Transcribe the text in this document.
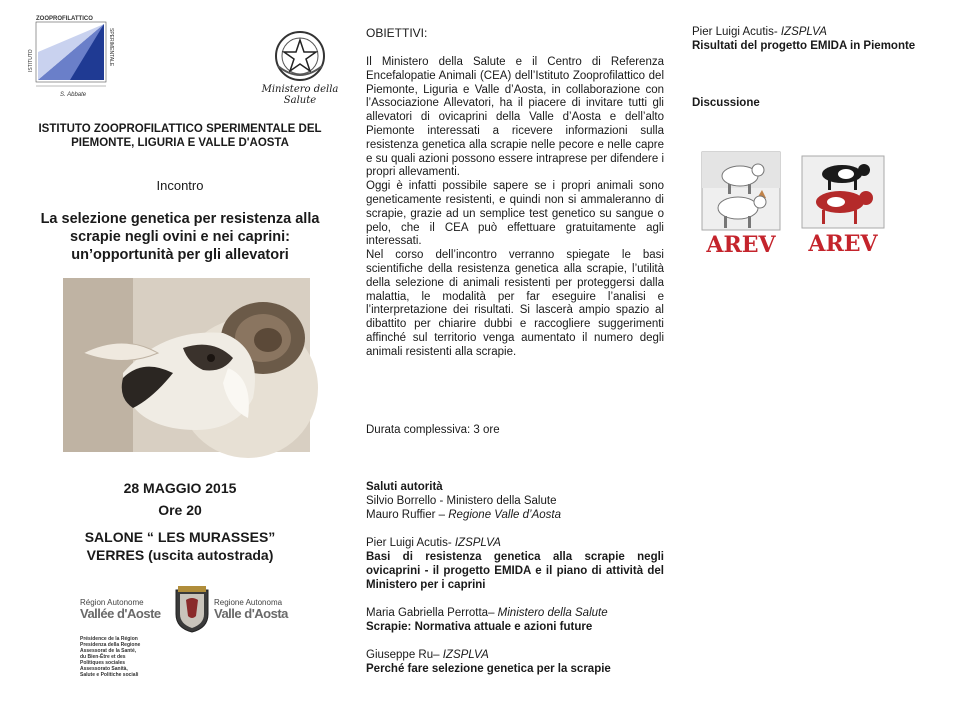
ZOOPROFILATTICO
ISTITUTO	SPERIMENTALE
S. Abbate	Ministero della Salute
ISTITUTO ZOOPROFILATTICO SPERIMENTALE DEL PIEMONTE, LIGURIA E VALLE D'AOSTA
Incontro
La selezione genetica per resistenza alla
scrapie negli ovini e nei caprini:
un’opportunità per gli allevatori
28 MAGGIO 2015
Ore 20
SALONE “ LES MURASSES”
VERRES (uscita autostrada)
Région Autonome
Vallée d'Aoste
Regione Autonoma
Valle d'Aosta
Présidence de la Région
Presidenza della Regione
Assessorat de la Santé,
du Bien-Être et des
Politiques sociales
Assessorato Sanità,
Salute e Politiche sociali
OBIETTIVI:

Il Ministero della Salute e il Centro di Referenza Encefalopatie Animali (CEA) dell’Istituto Zooprofilattico del Piemonte, Liguria e Valle d’Aosta, in collaborazione con l’Associazione Allevatori, ha il piacere di invitare tutti gli allevatori di ovicaprini della Valle d’Aosta e dell’alto Piemonte interessati a ricevere informazioni sulla resistenza genetica alla scrapie nelle pecore e nelle capre e su quali azioni possono essere intraprese per difendere i propri allevamenti.

Oggi è infatti possibile sapere se i propri animali sono geneticamente resistenti, e quindi non si ammaleranno di scrapie, grazie ad un semplice test genetico su sangue o pelo, che il CEA può effettuare gratuitamente agli interessati.

Nel corso dell’incontro verranno spiegate le basi scientifiche della resistenza genetica alla scrapie, l’utilità della selezione di animali resistenti per proteggersi dalla malattia, le modalità per far eseguire l’analisi e l’interpretazione dei risultati. Si lascerà ampio spazio al dibattito per chiarire dubbi e raccogliere suggerimenti affinché sul territorio venga aumentato il numero degli animali resistenti alla scrapie.

Durata complessiva: 3 ore
Saluti autorità
Silvio Borrello - Ministero della Salute
Mauro Ruffier – Regione Valle d’Aosta
Pier Luigi Acutis- IZSPLVA
Basi di resistenza genetica alla scrapie negli ovicaprini - il progetto EMIDA e il piano di attività del Ministero per i caprini
Maria Gabriella Perrotta– Ministero della Salute
Scrapie: Normativa attuale e azioni future
Giuseppe Ru– IZSPLVA
Perché fare selezione genetica per la scrapie
Pier Luigi Acutis- IZSPLVA
Risultati del progetto EMIDA in Piemonte
Discussione
AREV AREV
